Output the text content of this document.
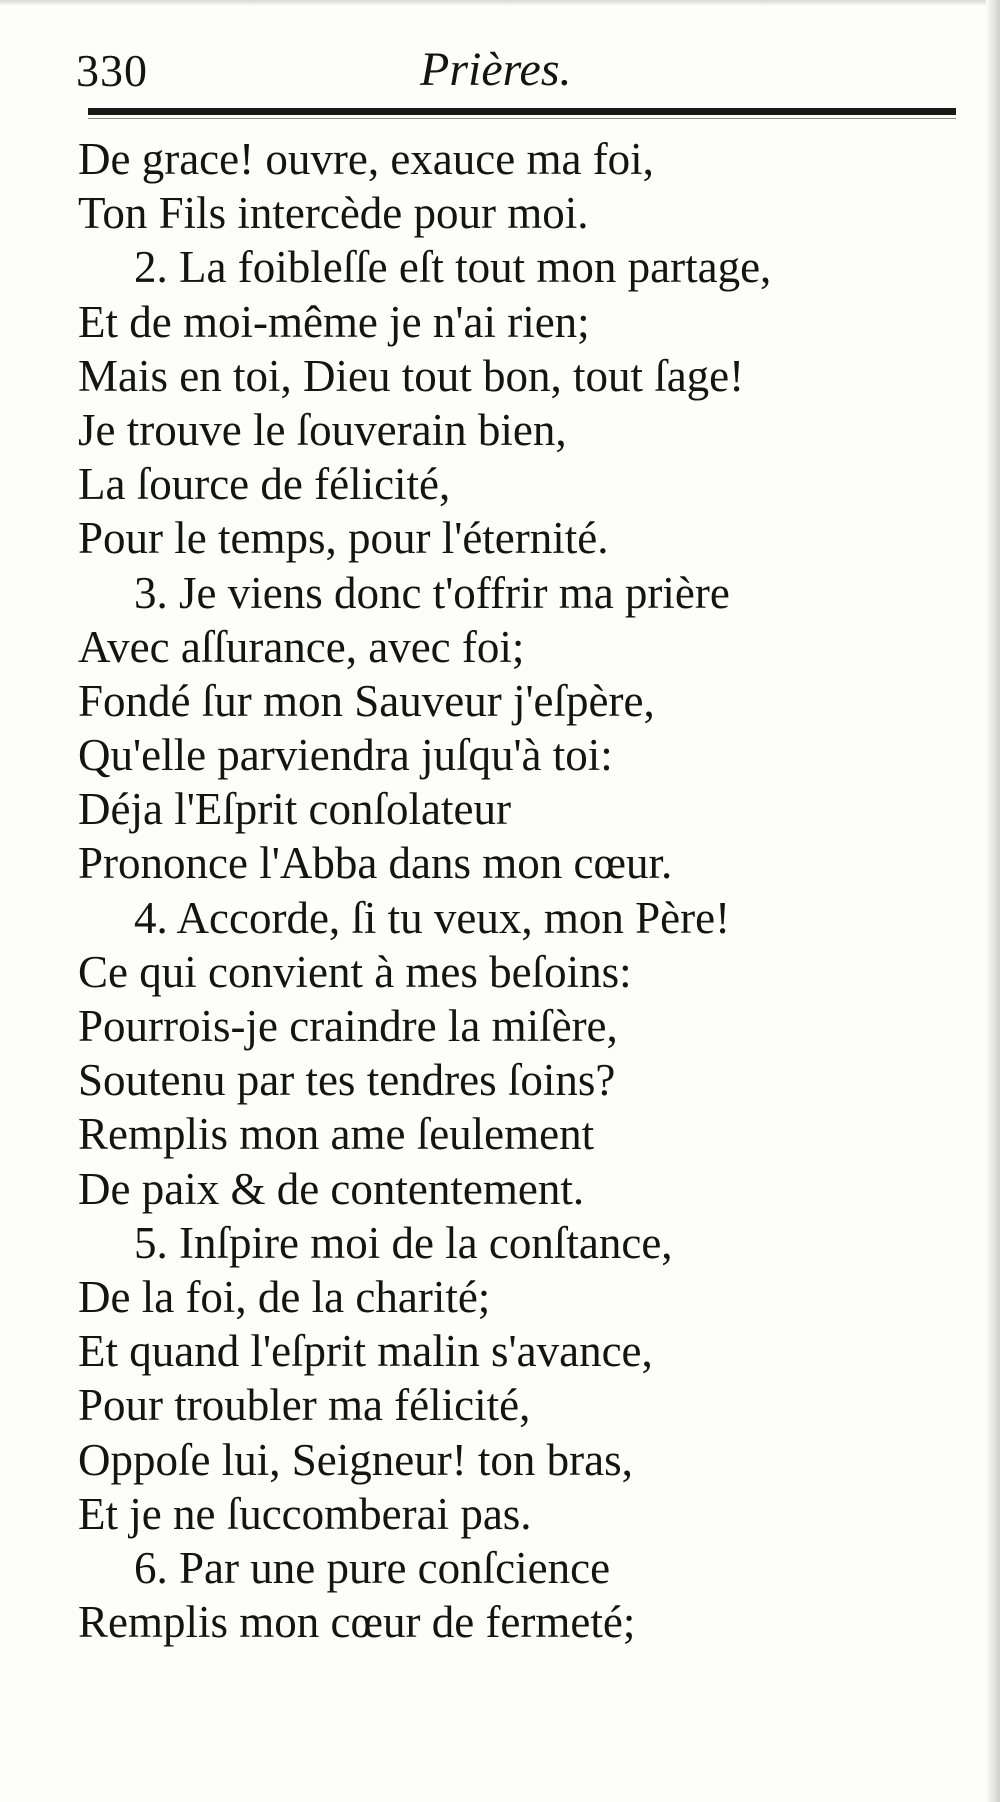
330	Prières.
De grace! ouvre, exauce ma foi,
Ton Fils intercède pour moi.
2. La foibleſſe eſt tout mon partage,
Et de moi-même je n'ai rien;
Mais en toi, Dieu tout bon, tout ſage!
Je trouve le ſouverain bien,
La ſource de félicité,
Pour le temps, pour l'éternité.
3. Je viens donc t'offrir ma prière
Avec aſſurance, avec foi;
Fondé ſur mon Sauveur j'eſpère,
Qu'elle parviendra juſqu'à toi:
Déja l'Eſprit conſolateur
Prononce l'Abba dans mon cœur.
4. Accorde, ſi tu veux, mon Père!
Ce qui convient à mes beſoins:
Pourrois-je craindre la miſère,
Soutenu par tes tendres ſoins?
Remplis mon ame ſeulement
De paix & de contentement.
5. Inſpire moi de la conſtance,
De la foi, de la charité;
Et quand l'eſprit malin s'avance,
Pour troubler ma félicité,
Oppoſe lui, Seigneur! ton bras,
Et je ne ſuccomberai pas.
6. Par une pure conſcience
Remplis mon cœur de fermeté;
